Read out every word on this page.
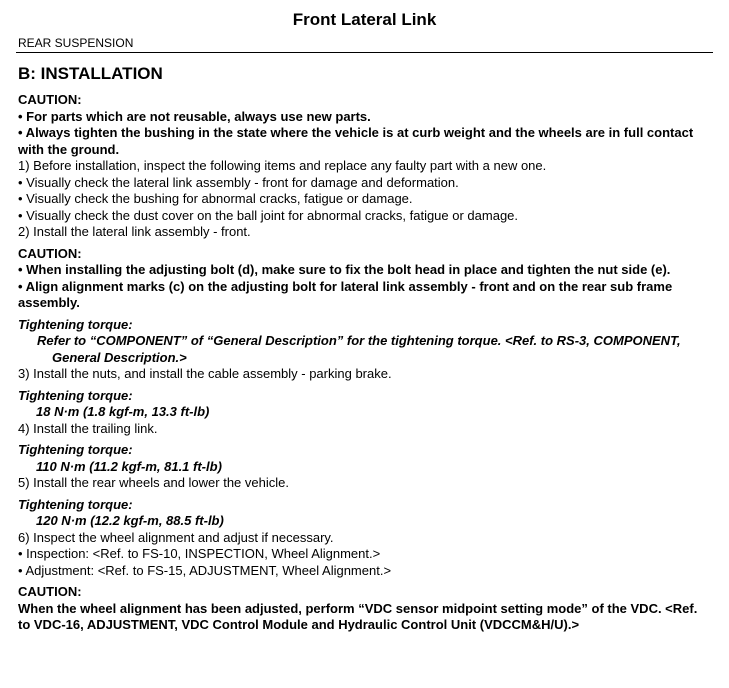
Front Lateral Link
REAR SUSPENSION
B: INSTALLATION

CAUTION:

• For parts which are not reusable, always use new parts.

• Always tighten the bushing in the state where the vehicle is at curb weight and the wheels are in full contact with the ground.

1) Before installation, inspect the following items and replace any faulty part with a new one.

• Visually check the lateral link assembly - front for damage and deformation.

• Visually check the bushing for abnormal cracks, fatigue or damage.

• Visually check the dust cover on the ball joint for abnormal cracks, fatigue or damage.

2) Install the lateral link assembly - front.

CAUTION:

• When installing the adjusting bolt (d), make sure to fix the bolt head in place and tighten the nut side (e).

• Align alignment marks (c) on the adjusting bolt for lateral link assembly - front and on the rear sub frame assembly.

Tightening torque:

Refer to “COMPONENT” of “General Description” for the tightening torque. <Ref. to RS-3, COMPONENT, General Description.>

3) Install the nuts, and install the cable assembly - parking brake.

Tightening torque:

18 N·m (1.8 kgf-m, 13.3 ft-lb)

4) Install the trailing link.

Tightening torque:

110 N·m (11.2 kgf-m, 81.1 ft-lb)

5) Install the rear wheels and lower the vehicle.

Tightening torque:

120 N·m (12.2 kgf-m, 88.5 ft-lb)

6) Inspect the wheel alignment and adjust if necessary.

• Inspection: <Ref. to FS-10, INSPECTION, Wheel Alignment.>

• Adjustment: <Ref. to FS-15, ADJUSTMENT, Wheel Alignment.>

CAUTION:

When the wheel alignment has been adjusted, perform “VDC sensor midpoint setting mode” of the VDC. <Ref. to VDC-16, ADJUSTMENT, VDC Control Module and Hydraulic Control Unit (VDCCM&H/U).>
